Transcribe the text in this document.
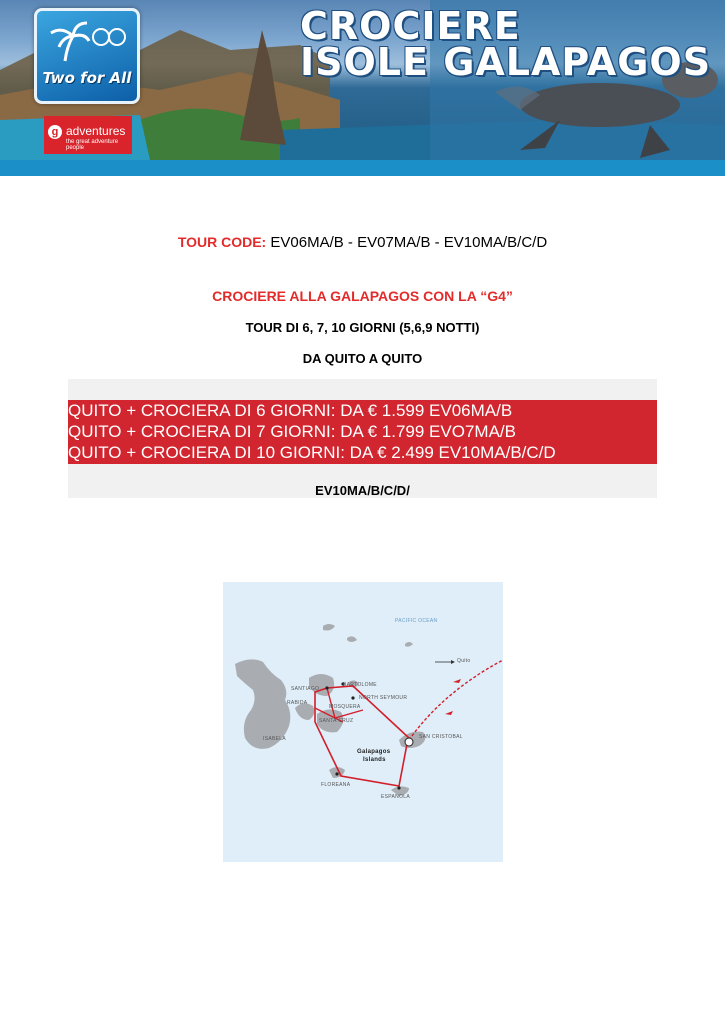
Two for All
g adventures
the great adventure people
CROCIERE
ISOLE GALAPAGOS
TOUR CODE: EV06MA/B - EV07MA/B - EV10MA/B/C/D
CROCIERE ALLA GALAPAGOS CON LA “G4”
TOUR DI 6, 7, 10 GIORNI (5,6,9 NOTTI)
DA QUITO A QUITO
QUITO + CROCIERA DI 6 GIORNI: DA € 1.599 EV06MA/B
QUITO + CROCIERA DI 7 GIORNI: DA € 1.799 EVO7MA/B
QUITO + CROCIERA DI 10 GIORNI: DA € 2.499 EV10MA/B/C/D
EV10MA/B/C/D/
PACIFIC OCEAN
Quito
SANTIAGO
RABIDA
BARTOLOME
NORTH SEYMOUR
MOSQUERA
SANTA CRUZ
ISABELA	SAN CRISTOBAL
FLOREANA
ESPANOLA
Galapagos
Islands
